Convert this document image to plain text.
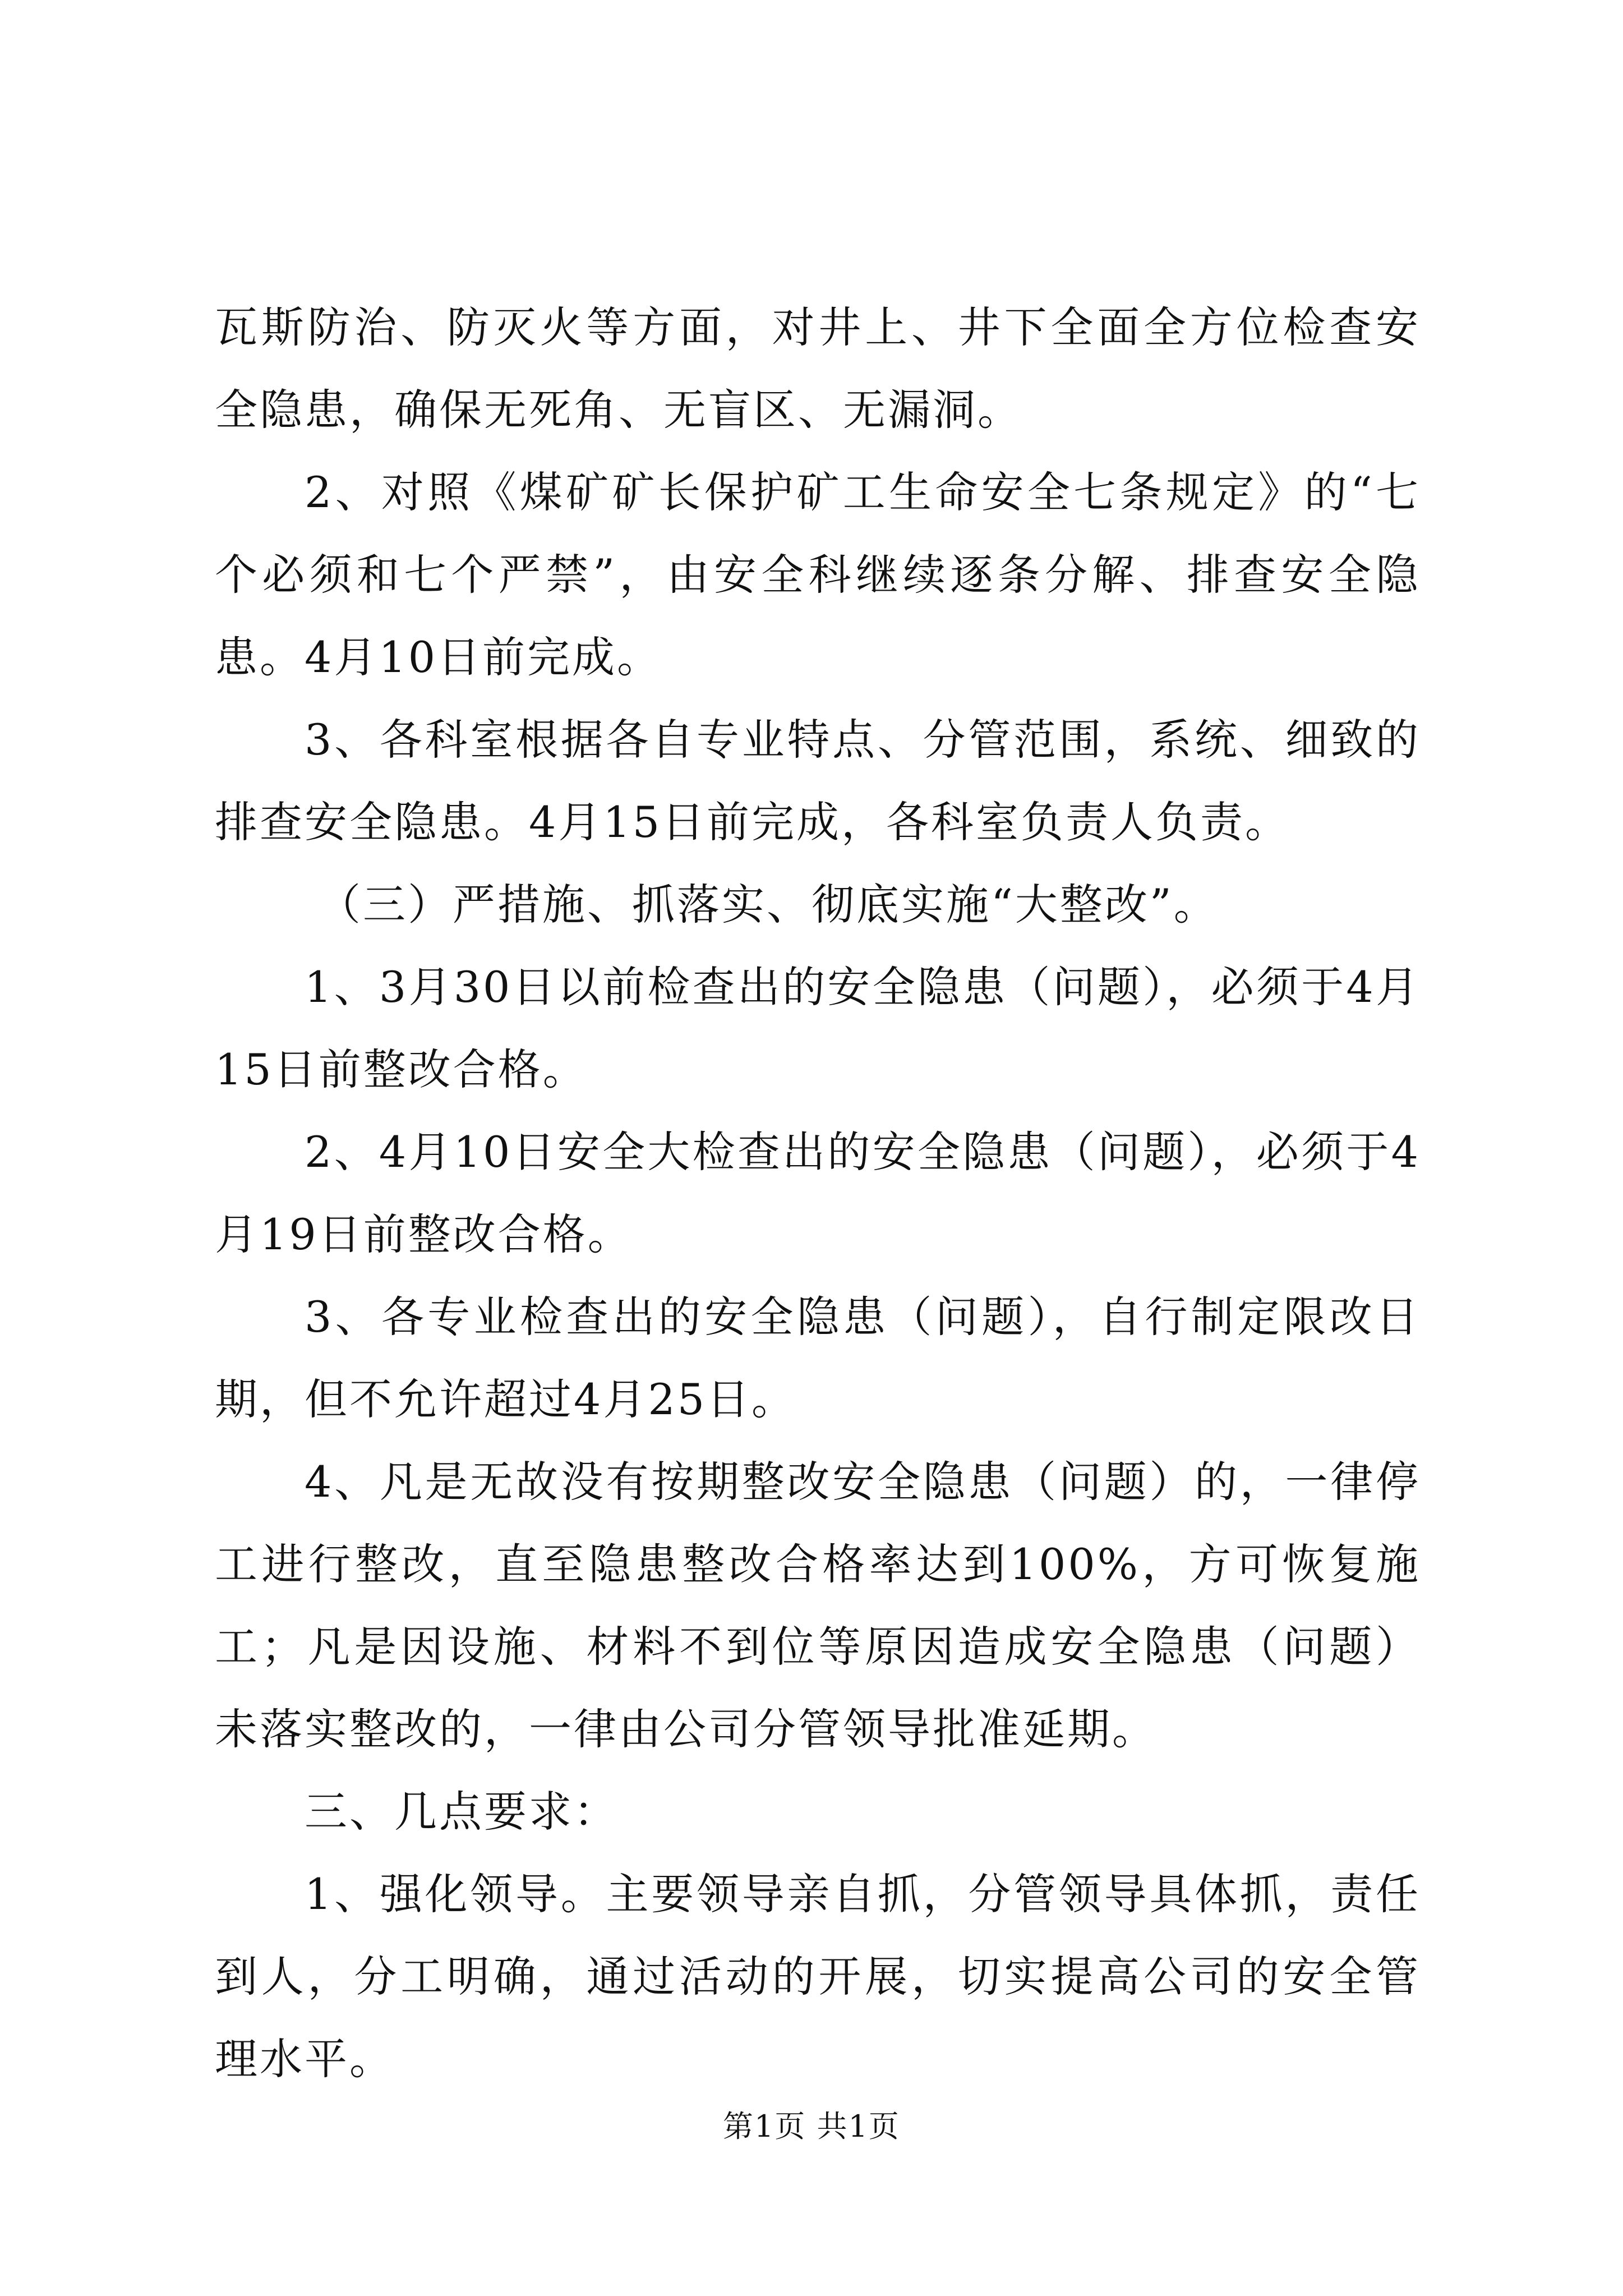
瓦斯防治、防灭火等方面，对井上、井下全面全方位检查安全隐患，确保无死角、无盲区、无漏洞。

2、对照《煤矿矿长保护矿工生命安全七条规定》的“七个必须和七个严禁”，由安全科继续逐条分解、排查安全隐患。4月10日前完成。

3、各科室根据各自专业特点、分管范围，系统、细致的排查安全隐患。4月15日前完成，各科室负责人负责。

（三）严措施、抓落实、彻底实施“大整改”。

1、3月30日以前检查出的安全隐患（问题），必须于4月15日前整改合格。

2、4月10日安全大检查出的安全隐患（问题），必须于4月19日前整改合格。

3、各专业检查出的安全隐患（问题），自行制定限改日期，但不允许超过4月25日。

4、凡是无故没有按期整改安全隐患（问题）的，一律停工进行整改，直至隐患整改合格率达到100%，方可恢复施工；凡是因设施、材料不到位等原因造成安全隐患（问题）未落实整改的，一律由公司分管领导批准延期。

三、几点要求：

1、强化领导。主要领导亲自抓，分管领导具体抓，责任到人，分工明确，通过活动的开展，切实提高公司的安全管理水平。

第1页 共1页
